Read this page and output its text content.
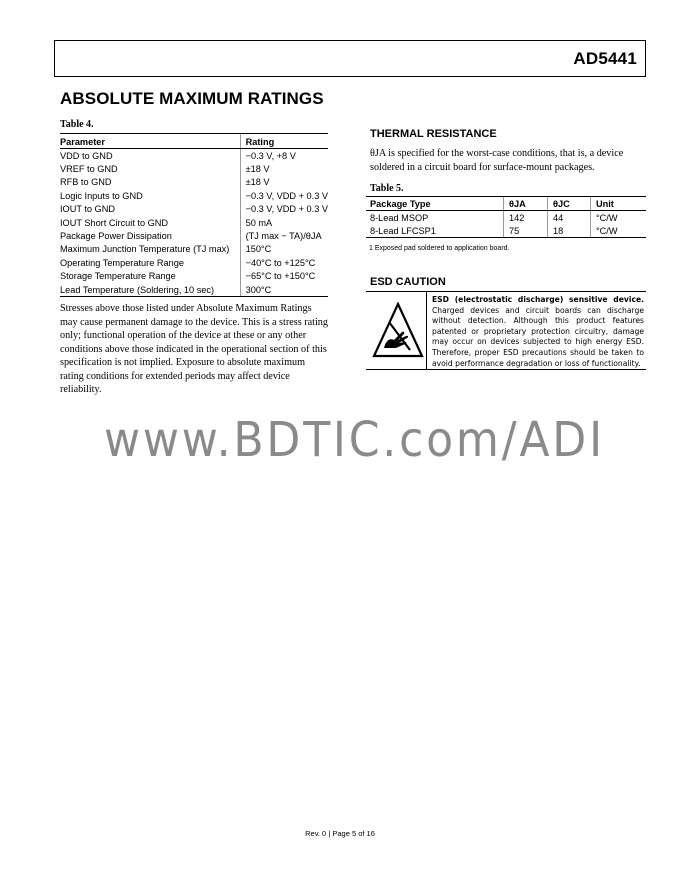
AD5441
ABSOLUTE MAXIMUM RATINGS
Table 4.
Parameter	Rating
VDD to GND	−0.3 V, +8 V
VREF to GND	±18 V
RFB to GND	±18 V
Logic Inputs to GND	−0.3 V, VDD + 0.3 V
IOUT to GND	−0.3 V, VDD + 0.3 V
IOUT Short Circuit to GND	50 mA
Package Power Dissipation	(TJ max − TA)/θJA
Maximum Junction Temperature (TJ max)	150°C
Operating Temperature Range	−40°C to +125°C
Storage Temperature Range	−65°C to +150°C
Lead Temperature (Soldering, 10 sec)	300°C
Stresses above those listed under Absolute Maximum Ratings may cause permanent damage to the device. This is a stress rating only; functional operation of the device at these or any other conditions above those indicated in the operational section of this specification is not implied. Exposure to absolute maximum rating conditions for extended periods may affect device reliability.
THERMAL RESISTANCE
θJA is specified for the worst-case conditions, that is, a device soldered in a circuit board for surface-mount packages.
Table 5.
Package Type	θJA	θJC	Unit
8-Lead MSOP	142	44	°C/W
8-Lead LFCSP1	75	18	°C/W
1 Exposed pad soldered to application board.
ESD CAUTION
ESD (electrostatic discharge) sensitive device. Charged devices and circuit boards can discharge without detection. Although this product features patented or proprietary protection circuitry, damage may occur on devices subjected to high energy ESD. Therefore, proper ESD precautions should be taken to avoid performance degradation or loss of functionality.
www.BDTIC.com/ADI
Rev. 0 | Page 5 of 16
